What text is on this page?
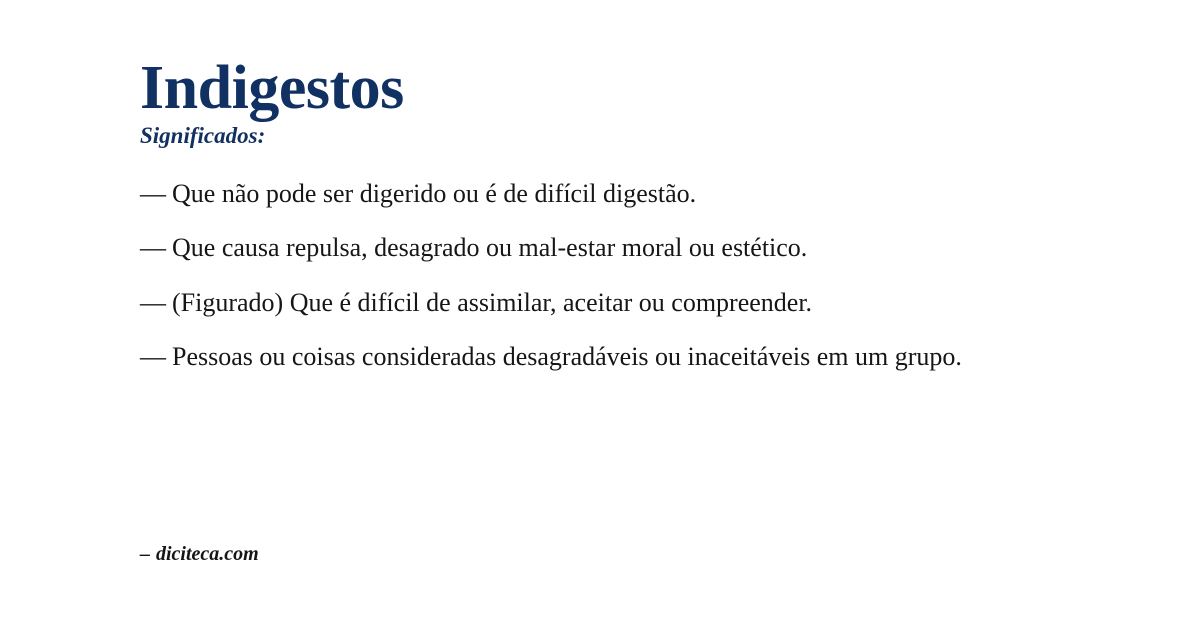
Indigestos
Significados:
— Que não pode ser digerido ou é de difícil digestão.
— Que causa repulsa, desagrado ou mal-estar moral ou estético.
— (Figurado) Que é difícil de assimilar, aceitar ou compreender.
— Pessoas ou coisas consideradas desagradáveis ou inaceitáveis em um grupo.
– diciteca.com
